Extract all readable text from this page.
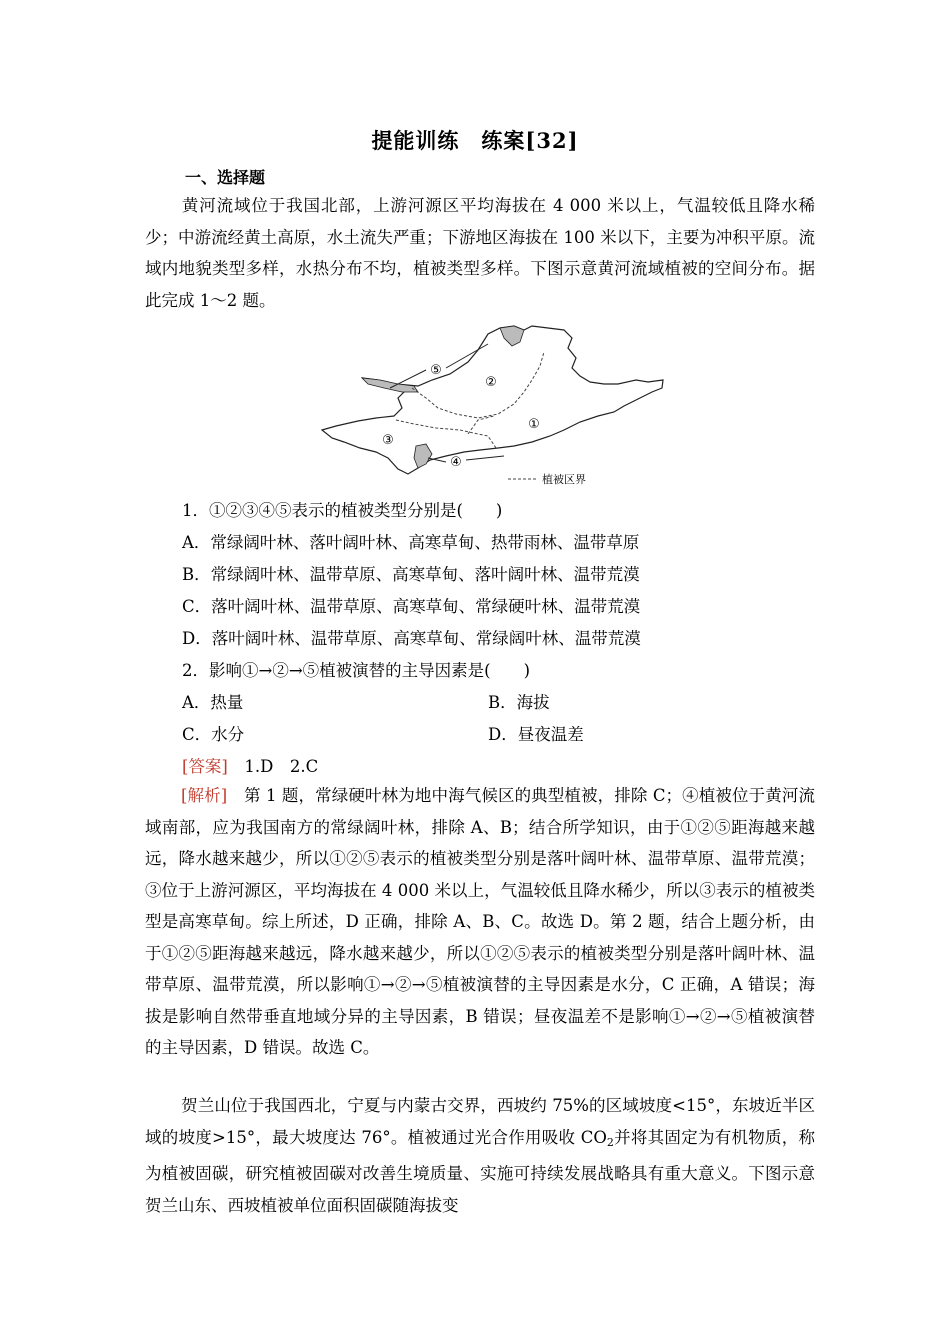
提能训练　练案[32]
一、选择题
黄河流域位于我国北部，上游河源区平均海拔在 4 000 米以上，气温较低且降水稀少；中游流经黄土高原，水土流失严重；下游地区海拔在 100 米以下，主要为冲积平原。流域内地貌类型多样，水热分布不均，植被类型多样。下图示意黄河流域植被的空间分布。据此完成 1～2 题。
⑤
②
①
③
④
植被区界
1．①②③④⑤表示的植被类型分别是(　　)
A．常绿阔叶林、落叶阔叶林、高寒草甸、热带雨林、温带草原
B．常绿阔叶林、温带草原、高寒草甸、落叶阔叶林、温带荒漠
C．落叶阔叶林、温带草原、高寒草甸、常绿硬叶林、温带荒漠
D．落叶阔叶林、温带草原、高寒草甸、常绿阔叶林、温带荒漠
2．影响①→②→⑤植被演替的主导因素是(　　)
A．热量	B．海拔
C．水分	D．昼夜温差
[答案]　 1.D　2.C
[解析]　 第 1 题，常绿硬叶林为地中海气候区的典型植被，排除 C；④植被位于黄河流域南部，应为我国南方的常绿阔叶林，排除 A、B；结合所学知识，由于①②⑤距海越来越远，降水越来越少，所以①②⑤表示的植被类型分别是落叶阔叶林、温带草原、温带荒漠；③位于上游河源区，平均海拔在 4 000 米以上，气温较低且降水稀少，所以③表示的植被类型是高寒草甸。综上所述，D 正确，排除 A、B、C。故选 D。第 2 题，结合上题分析，由于①②⑤距海越来越远，降水越来越少，所以①②⑤表示的植被类型分别是落叶阔叶林、温带草原、温带荒漠，所以影响①→②→⑤植被演替的主导因素是水分，C 正确，A 错误；海拔是影响自然带垂直地域分异的主导因素，B 错误；昼夜温差不是影响①→②→⑤植被演替的主导因素，D 错误。故选 C。
贺兰山位于我国西北，宁夏与内蒙古交界，西坡约 75%的区域坡度<15°，东坡近半区域的坡度>15°，最大坡度达 76°。植被通过光合作用吸收 $CO_2$并将其固定为有机物质，称为植被固碳，研究植被固碳对改善生境质量、实施可持续发展战略具有重大意义。下图示意贺兰山东、西坡植被单位面积固碳随海拔变
